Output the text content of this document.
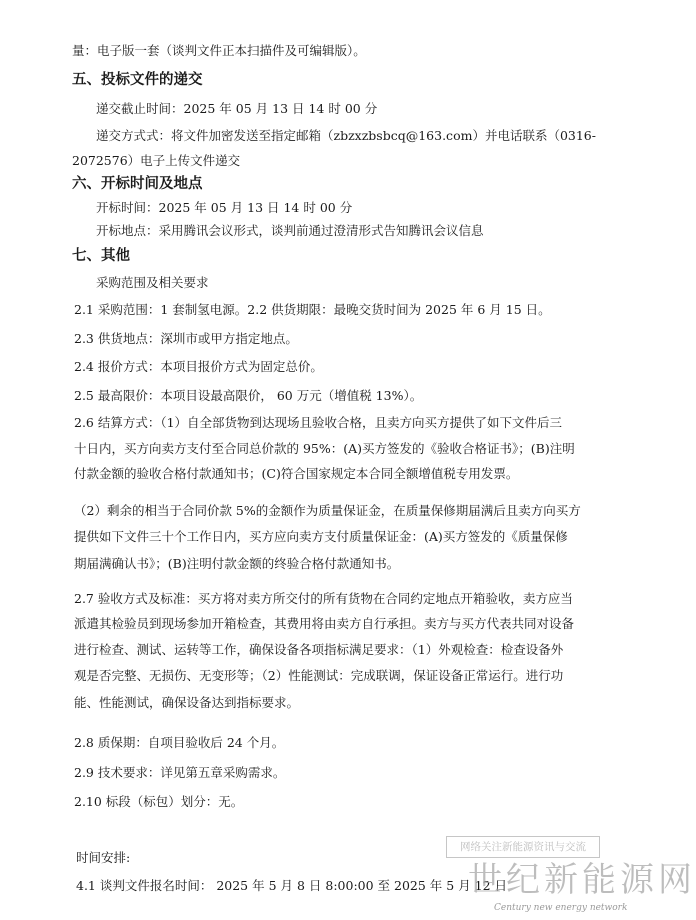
量：电子版一套（谈判文件正本扫描件及可编辑版）。
五、投标文件的递交
递交截止时间：2025 年 05 月 13 日 14 时 00 分
递交方式式：将文件加密发送至指定邮箱（zbzxzbsbcq@163.com）并电话联系（0316-
2072576）电子上传文件递交
六、开标时间及地点
开标时间：2025 年 05 月 13 日 14 时 00 分
开标地点：采用腾讯会议形式，谈判前通过澄清形式告知腾讯会议信息
七、其他
采购范围及相关要求
2.1 采购范围：1 套制氢电源。2.2 供货期限：最晚交货时间为 2025 年 6 月 15 日。
2.3 供货地点：深圳市或甲方指定地点。
2.4 报价方式：本项目报价方式为固定总价。
2.5 最高限价：本项目设最高限价， 60 万元（增值税 13%）。
2.6 结算方式：（1）自全部货物到达现场且验收合格，且卖方向买方提供了如下文件后三
十日内，买方向卖方支付至合同总价款的 95%：(A)买方签发的《验收合格证书》；(B)注明
付款金额的验收合格付款通知书；(C)符合国家规定本合同全额增值税专用发票。
（2）剩余的相当于合同价款 5%的金额作为质量保证金，在质量保修期届满后且卖方向买方
提供如下文件三十个工作日内，买方应向卖方支付质量保证金：(A)买方签发的《质量保修
期届满确认书》；(B)注明付款金额的终验合格付款通知书。
2.7 验收方式及标准：买方将对卖方所交付的所有货物在合同约定地点开箱验收，卖方应当
派遣其检验员到现场参加开箱检查，其费用将由卖方自行承担。卖方与买方代表共同对设备
进行检查、测试、运转等工作，确保设备各项指标满足要求：（1）外观检查：检查设备外
观是否完整、无损伤、无变形等；（2）性能测试：完成联调，保证设备正常运行。进行功
能、性能测试，确保设备达到指标要求。
2.8 质保期：自项目验收后 24 个月。
2.9 技术要求：详见第五章采购需求。
2.10 标段（标包）划分：无。
时间安排:
4.1 谈判文件报名时间： 2025 年 5 月 8 日 8:00:00 至 2025 年 5 月 12 日
网络关注新能源资讯与交流
世纪新能源网
Century new energy network
